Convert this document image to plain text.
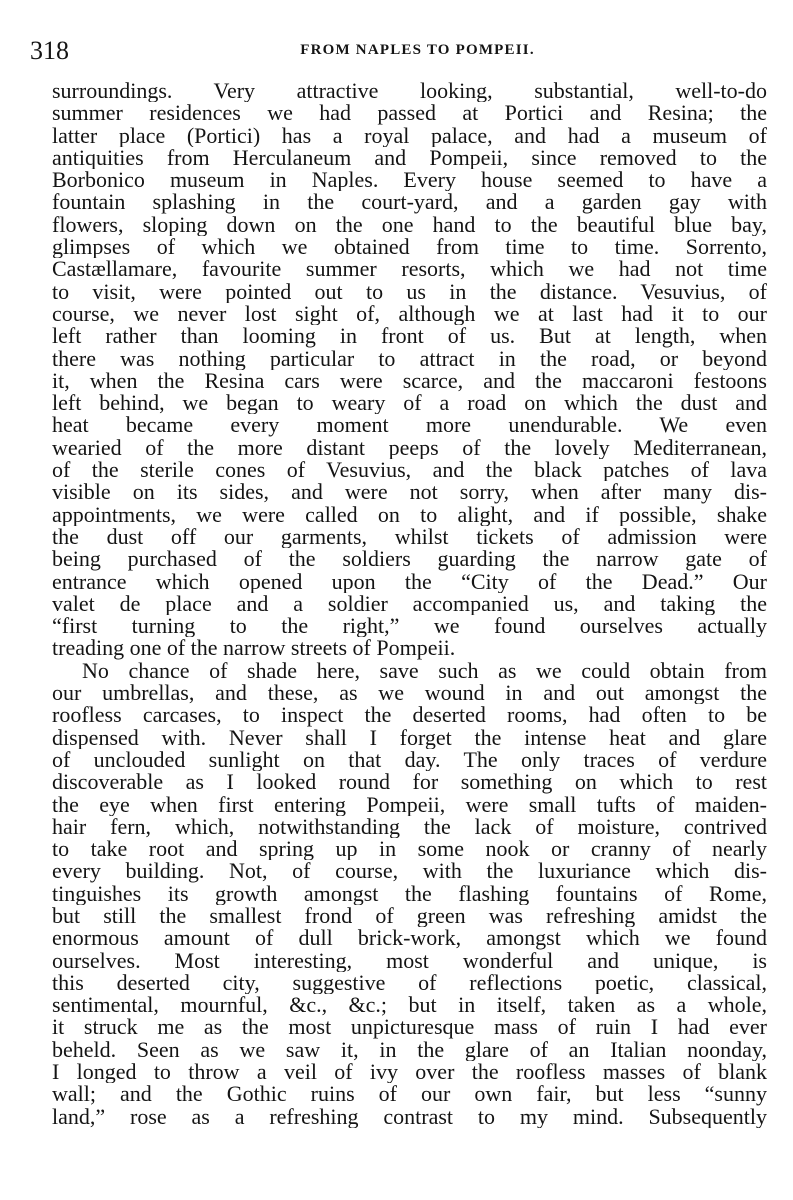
318	FROM NAPLES TO POMPEII.
surroundings. Very attractive looking, substantial, well-to-do
summer residences we had passed at Portici and Resina; the
latter place (Portici) has a royal palace, and had a museum of
antiquities from Herculaneum and Pompeii, since removed to the
Borbonico museum in Naples. Every house seemed to have a
fountain splashing in the court-yard, and a garden gay with
flowers, sloping down on the one hand to the beautiful blue bay,
glimpses of which we obtained from time to time. Sorrento,
Castællamare, favourite summer resorts, which we had not time
to visit, were pointed out to us in the distance. Vesuvius, of
course, we never lost sight of, although we at last had it to our
left rather than looming in front of us. But at length, when
there was nothing particular to attract in the road, or beyond
it, when the Resina cars were scarce, and the maccaroni festoons
left behind, we began to weary of a road on which the dust and
heat became every moment more unendurable. We even
wearied of the more distant peeps of the lovely Mediterranean,
of the sterile cones of Vesuvius, and the black patches of lava
visible on its sides, and were not sorry, when after many dis-
appointments, we were called on to alight, and if possible, shake
the dust off our garments, whilst tickets of admission were
being purchased of the soldiers guarding the narrow gate of
entrance which opened upon the “City of the Dead.” Our
valet de place and a soldier accompanied us, and taking the
“first turning to the right,” we found ourselves actually
treading one of the narrow streets of Pompeii.
No chance of shade here, save such as we could obtain from
our umbrellas, and these, as we wound in and out amongst the
roofless carcases, to inspect the deserted rooms, had often to be
dispensed with. Never shall I forget the intense heat and glare
of unclouded sunlight on that day. The only traces of verdure
discoverable as I looked round for something on which to rest
the eye when first entering Pompeii, were small tufts of maiden-
hair fern, which, notwithstanding the lack of moisture, contrived
to take root and spring up in some nook or cranny of nearly
every building. Not, of course, with the luxuriance which dis-
tinguishes its growth amongst the flashing fountains of Rome,
but still the smallest frond of green was refreshing amidst the
enormous amount of dull brick-work, amongst which we found
ourselves. Most interesting, most wonderful and unique, is
this deserted city, suggestive of reflections poetic, classical,
sentimental, mournful, &c., &c.; but in itself, taken as a whole,
it struck me as the most unpicturesque mass of ruin I had ever
beheld. Seen as we saw it, in the glare of an Italian noonday,
I longed to throw a veil of ivy over the roofless masses of blank
wall; and the Gothic ruins of our own fair, but less “sunny
land,” rose as a refreshing contrast to my mind. Subsequently
